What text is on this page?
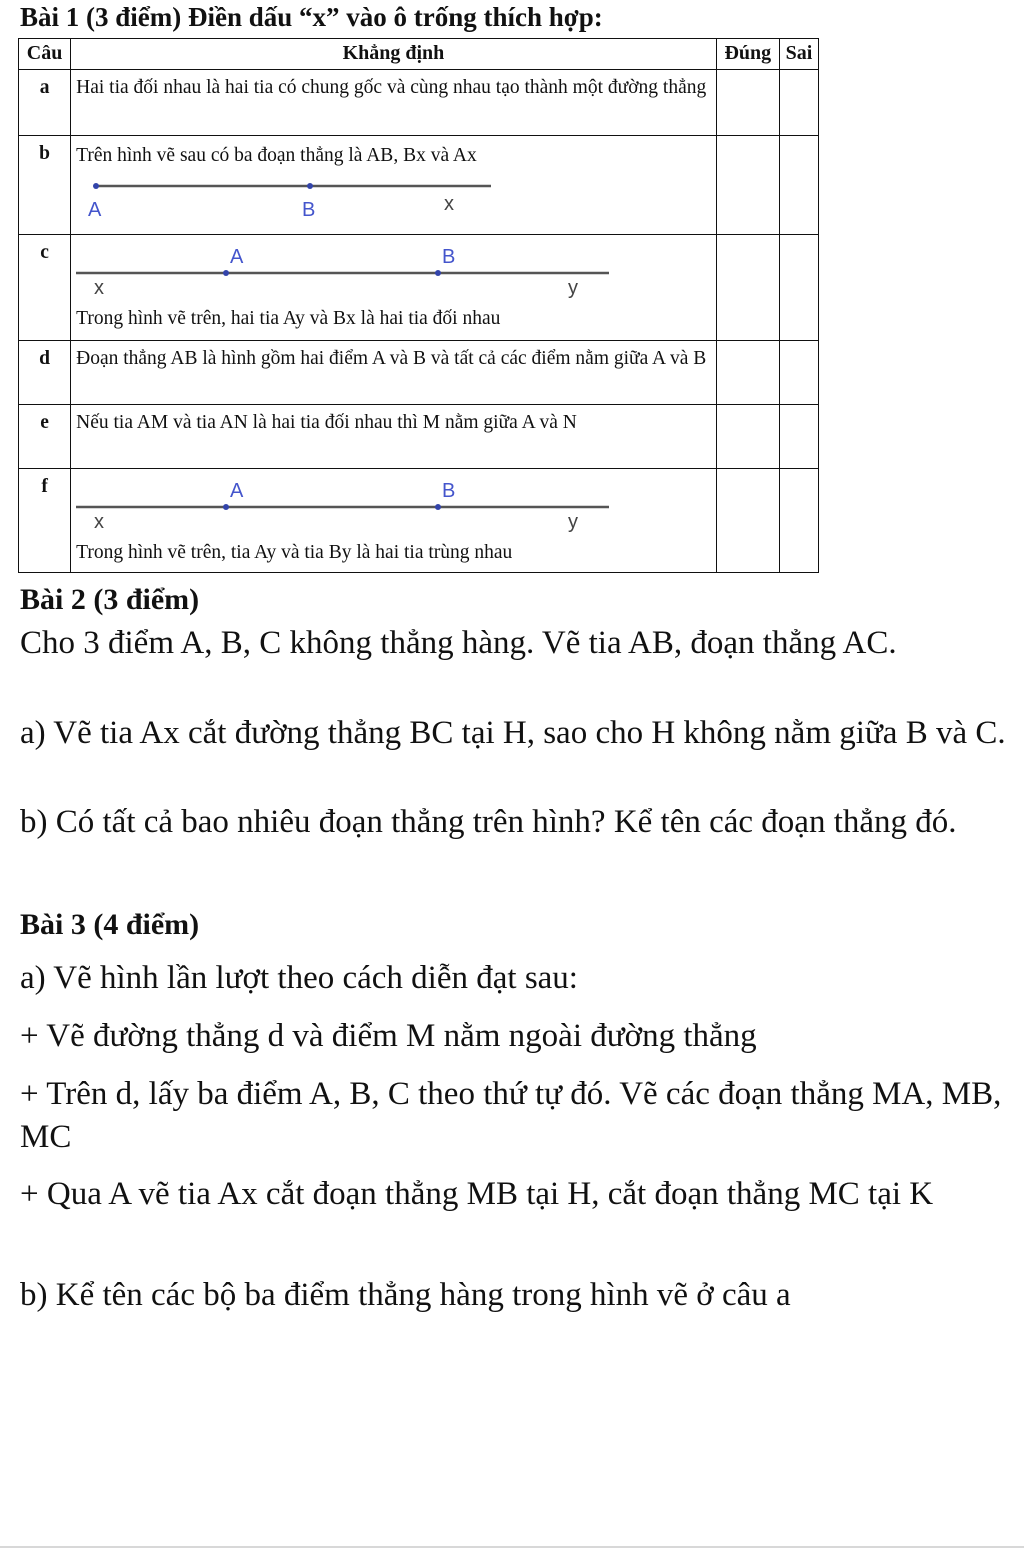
Bài 1 (3 điểm) Điền dấu “x” vào ô trống thích hợp:
Câu	Khẳng định	Đúng	Sai
a	Hai tia đối nhau là hai tia có chung gốc và cùng nhau tạo thành một đường thẳng		
b	Trên hình vẽ sau có ba đoạn thẳng là AB, Bx và Ax
A B x		

c	A B
x y
Trong hình vẽ trên, hai tia Ay và Bx là hai tia đối nhau		

d	Đoạn thẳng AB là hình gồm hai điểm A và B và tất cả các điểm nằm giữa A và B		
e	Nếu tia AM và tia AN là hai tia đối nhau thì M nằm giữa A và N		
f	A B
x y
Trong hình vẽ trên, tia Ay và tia By là hai tia trùng nhau		

Bài 2 (3 điểm)

Cho 3 điểm A, B, C không thẳng hàng. Vẽ tia AB, đoạn thẳng AC.

a) Vẽ tia Ax cắt đường thẳng BC tại H, sao cho H không nằm giữa B và C.

b) Có tất cả bao nhiêu đoạn thẳng trên hình? Kể tên các đoạn thẳng đó.

Bài 3 (4 điểm)

a) Vẽ hình lần lượt theo cách diễn đạt sau:

+ Vẽ đường thẳng d và điểm M nằm ngoài đường thẳng

+ Trên d, lấy ba điểm A, B, C theo thứ tự đó. Vẽ các đoạn thẳng MA, MB, MC

+ Qua A vẽ tia Ax cắt đoạn thẳng MB tại H, cắt đoạn thẳng MC tại K

b) Kể tên các bộ ba điểm thẳng hàng trong hình vẽ ở câu a
